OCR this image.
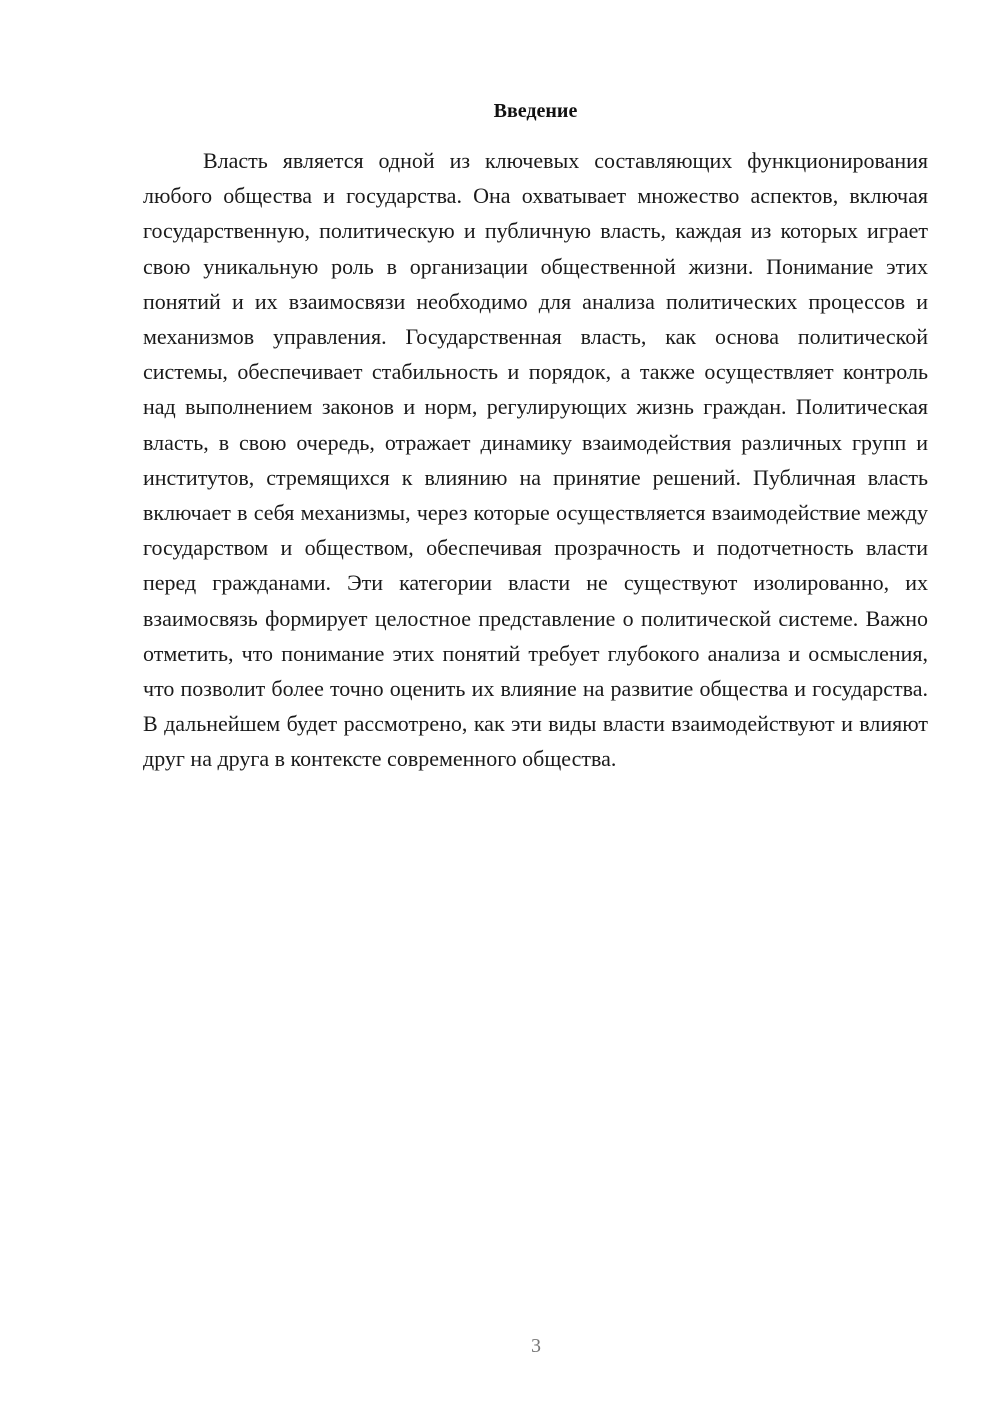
Введение

Власть является одной из ключевых составляющих функционирования любого общества и государства. Она охватывает множество аспектов, включая государственную, политическую и публичную власть, каждая из которых играет свою уникальную роль в организации общественной жизни. Понимание этих понятий и их взаимосвязи необходимо для анализа политических процессов и механизмов управления. Государственная власть, как основа политической системы, обеспечивает стабильность и порядок, а также осуществляет контроль над выполнением законов и норм, регулирующих жизнь граждан. Политическая власть, в свою очередь, отражает динамику взаимодействия различных групп и институтов, стремящихся к влиянию на принятие решений. Публичная власть включает в себя механизмы, через которые осуществляется взаимодействие между государством и обществом, обеспечивая прозрачность и подотчетность власти перед гражданами. Эти категории власти не существуют изолированно, их взаимосвязь формирует целостное представление о политической системе. Важно отметить, что понимание этих понятий требует глубокого анализа и осмысления, что позволит более точно оценить их влияние на развитие общества и государства. В дальнейшем будет рассмотрено, как эти виды власти взаимодействуют и влияют друг на друга в контексте современного общества.

3
